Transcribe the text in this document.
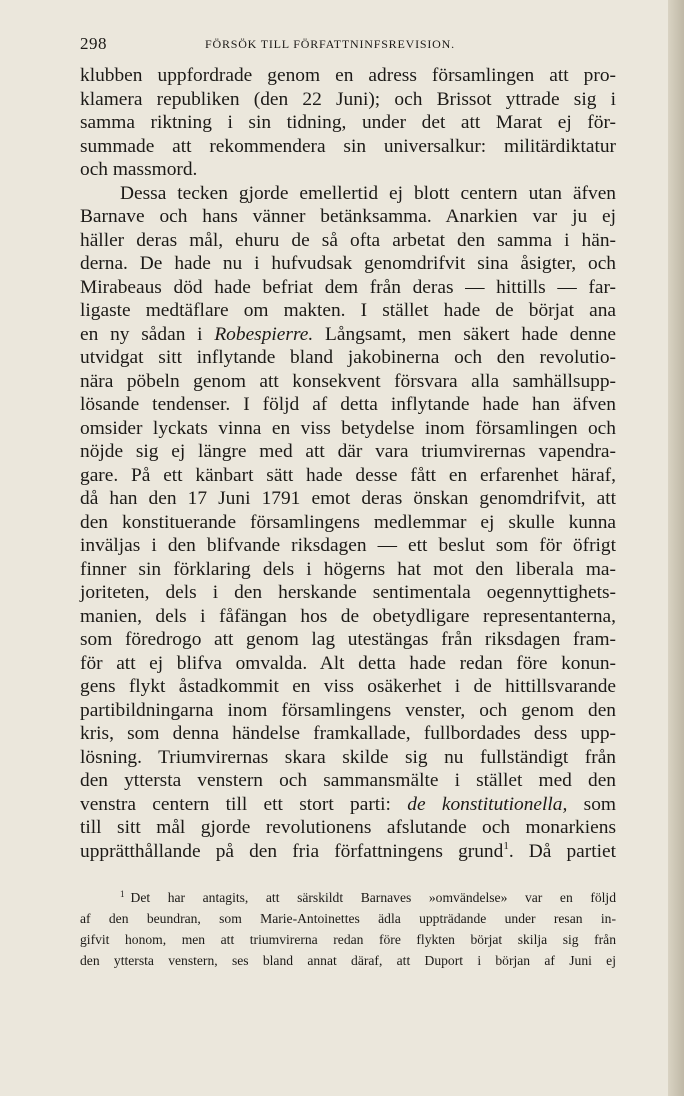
298	FÖRSÖK TILL FÖRFATTNINFSREVISION.
klubben uppfordrade genom en adress församlingen att pro-
klamera republiken (den 22 Juni); och Brissot yttrade sig i
samma riktning i sin tidning, under det att Marat ej för-
summade att rekommendera sin universalkur: militärdiktatur
och massmord.
Dessa tecken gjorde emellertid ej blott centern utan äfven
Barnave och hans vänner betänksamma. Anarkien var ju ej
häller deras mål, ehuru de så ofta arbetat den samma i hän-
derna. De hade nu i hufvudsak genomdrifvit sina åsigter, och
Mirabeaus död hade befriat dem från deras — hittills — far-
ligaste medtäflare om makten. I stället hade de börjat ana
en ny sådan i Robespierre. Långsamt, men säkert hade denne
utvidgat sitt inflytande bland jakobinerna och den revolutio-
nära pöbeln genom att konsekvent försvara alla samhällsupp-
lösande tendenser. I följd af detta inflytande hade han äfven
omsider lyckats vinna en viss betydelse inom församlingen och
nöjde sig ej längre med att där vara triumvirernas vapendra-
gare. På ett känbart sätt hade desse fått en erfarenhet häraf,
då han den 17 Juni 1791 emot deras önskan genomdrifvit, att
den konstituerande församlingens medlemmar ej skulle kunna
inväljas i den blifvande riksdagen — ett beslut som för öfrigt
finner sin förklaring dels i högerns hat mot den liberala ma-
joriteten, dels i den herskande sentimentala oegennyttighets-
manien, dels i fåfängan hos de obetydligare representanterna,
som föredrogo att genom lag utestängas från riksdagen fram-
för att ej blifva omvalda. Alt detta hade redan före konun-
gens flykt åstadkommit en viss osäkerhet i de hittillsvarande
partibildningarna inom församlingens venster, och genom den
kris, som denna händelse framkallade, fullbordades dess upp-
lösning. Triumvirernas skara skilde sig nu fullständigt från
den yttersta venstern och sammansmälte i stället med den
venstra centern till ett stort parti: de konstitutionella, som
till sitt mål gjorde revolutionens afslutande och monarkiens
upprätthållande på den fria författningens grund$^1$. Då partiet
$^1$ Det har antagits, att särskildt Barnaves »omvändelse» var en följd
af den beundran, som Marie-Antoinettes ädla uppträdande under resan in-
gifvit honom, men att triumvirerna redan före flykten börjat skilja sig från
den yttersta venstern, ses bland annat däraf, att Duport i början af Juni ej
